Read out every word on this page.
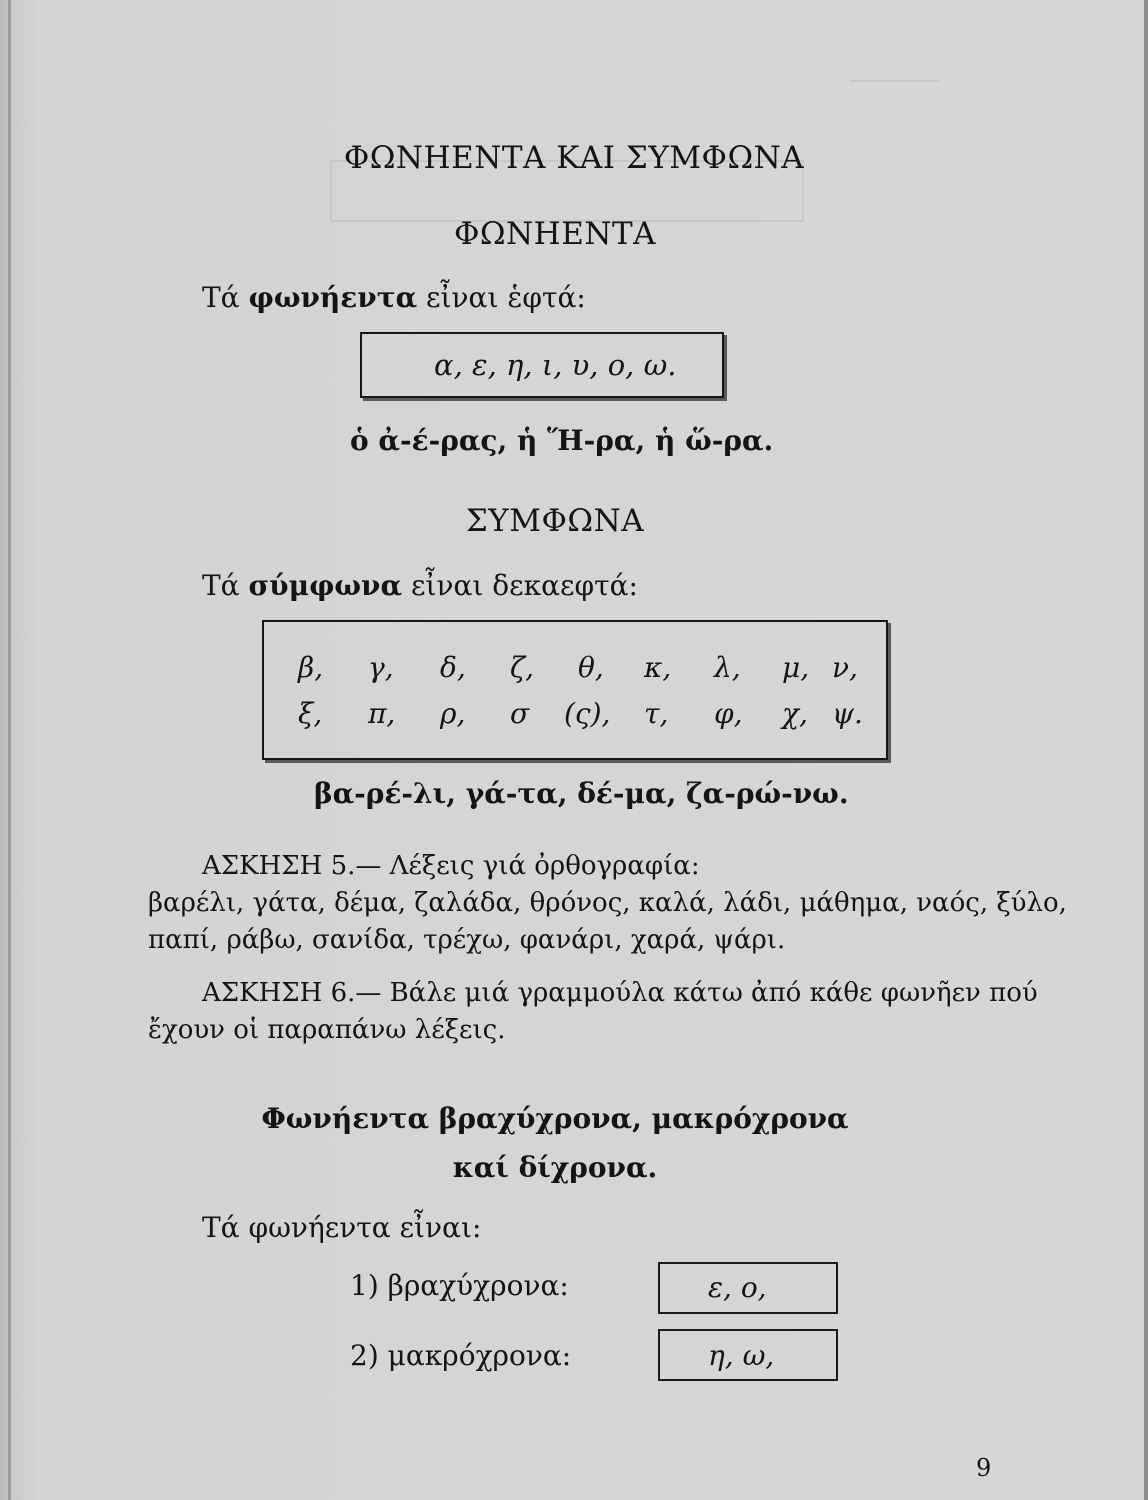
ΦΩΝΗΕΝΤΑ ΚΑΙ ΣΥΜΦΩΝΑ
ΦΩΝΗΕΝΤΑ
Τά φωνήεντα εἶναι ἑφτά:
α, ε, η, ι, υ, ο, ω.
ὁ ἀ-έ-ρας, ἡ Ἥ-ρα, ἡ ὥ-ρα.
ΣΥΜΦΩΝΑ
Τά σύμφωνα εἶναι δεκαεφτά:
β, γ, δ, ζ, θ, κ, λ, μ, ν,
ξ, π, ρ, σ (ς), τ, φ, χ, ψ.
βα-ρέ-λι, γά-τα, δέ-μα, ζα-ρώ-νω.
ΑΣΚΗΣΗ 5.— Λέξεις γιά ὀρθογραφία:
βαρέλι, γάτα, δέμα, ζαλάδα, θρόνος, καλά, λάδι, μάθημα, ναός, ξύλο,
παπί, ράβω, σανίδα, τρέχω, φανάρι, χαρά, ψάρι.
ΑΣΚΗΣΗ 6.— Βάλε μιά γραμμούλα κάτω ἀπό κάθε φωνῆεν πού
ἔχουν οἱ παραπάνω λέξεις.
Φωνήεντα βραχύχρονα, μακρόχρονα
καί δίχρονα.
Τά φωνήεντα εἶναι:
1) βραχύχρονα:	ε, ο,
2) μακρόχρονα:	η, ω,
9
